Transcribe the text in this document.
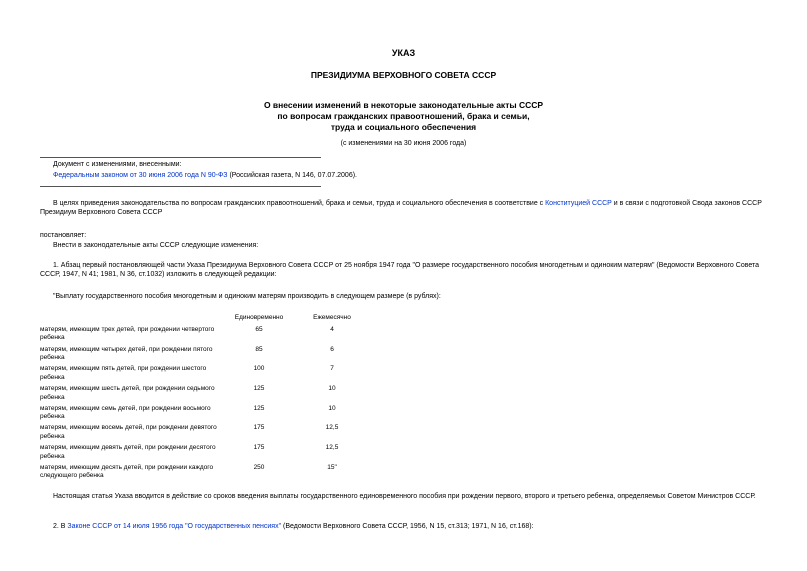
УКАЗ
ПРЕЗИДИУМА ВЕРХОВНОГО СОВЕТА СССР
О внесении изменений в некоторые законодательные акты СССР
по вопросам гражданских правоотношений, брака и семьи,
труда и социального обеспечения
(с изменениями на 30 июня 2006 года)
Документ с изменениями, внесенными:
Федеральным законом от 30 июня 2006 года N 90-ФЗ (Российская газета, N 146, 07.07.2006).
В целях приведения законодательства по вопросам гражданских правоотношений, брака и семьи, труда и социального обеспечения в соответствие с Конституцией СССР и в связи с подготовкой Свода законов СССР Президиум Верховного Совета СССР
постановляет:
Внести в законодательные акты СССР следующие изменения:
1. Абзац первый постановляющей части Указа Президиума Верховного Совета СССР от 25 ноября 1947 года "О размере государственного пособия многодетным и одиноким матерям" (Ведомости Верховного Совета СССР, 1947, N 41; 1981, N 36, ст.1032) изложить в следующей редакции:
"Выплату государственного пособия многодетным и одиноким матерям производить в следующем размере (в рублях):
	Единовременно	Ежемесячно
матерям, имеющим трех детей, при рождении четвертого ребенка	65	4
матерям, имеющим четырех детей, при рождении пятого ребенка	85	6
матерям, имеющим пять детей, при рождении шестого ребенка	100	7
матерям, имеющим шесть детей, при рождении седьмого ребенка	125	10
матерям, имеющим семь детей, при рождении восьмого ребенка	125	10
матерям, имеющим восемь детей, при рождении девятого ребенка	175	12,5
матерям, имеющим девять детей, при рождении десятого ребенка	175	12,5
матерям, имеющим десять детей, при рождении каждого следующего ребенка	250	15"
Настоящая статья Указа вводится в действие со сроков введения выплаты государственного единовременного пособия при рождении первого, второго и третьего ребенка, определяемых Советом Министров СССР.
2. В Законе СССР от 14 июля 1956 года "О государственных пенсиях" (Ведомости Верховного Совета СССР, 1956, N 15, ст.313; 1971, N 16, ст.168):
